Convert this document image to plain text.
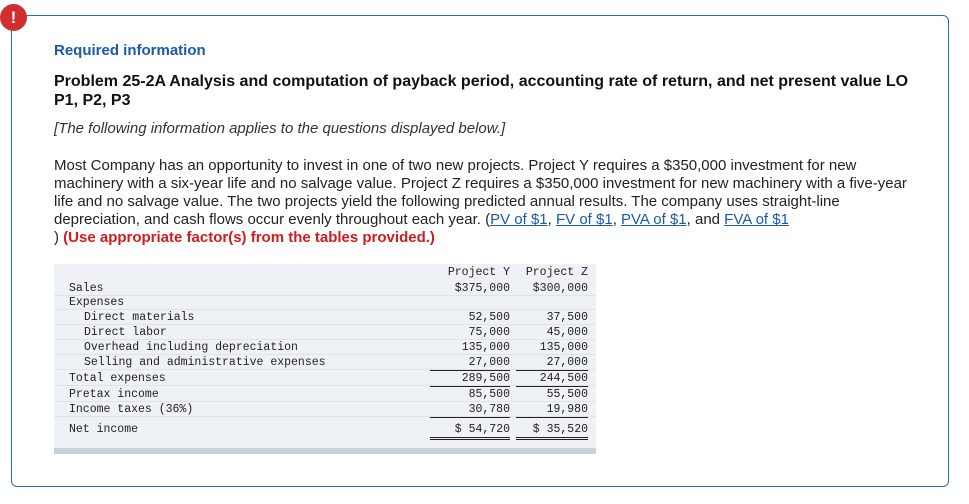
!
Required information
Problem 25-2A Analysis and computation of payback period, accounting rate of return, and net present value LO P1, P2, P3
[The following information applies to the questions displayed below.]
Most Company has an opportunity to invest in one of two new projects. Project Y requires a $350,000 investment for new machinery with a six-year life and no salvage value. Project Z requires a $350,000 investment for new machinery with a five-year life and no salvage value. The two projects yield the following predicted annual results. The company uses straight-line depreciation, and cash flows occur evenly throughout each year. (PV of $1, FV of $1, PVA of $1, and FVA of $1
) (Use appropriate factor(s) from the tables provided.)
Project Y	Project Z
Sales	$375,000	$300,000
Expenses
Direct materials	52,500	37,500
Direct labor	75,000	45,000
Overhead including depreciation	135,000	135,000
Selling and administrative expenses	27,000	27,000
Total expenses	289,500	244,500
Pretax income	85,500	55,500
Income taxes (36%)	30,780	19,980
Net income	$ 54,720	$ 35,520
